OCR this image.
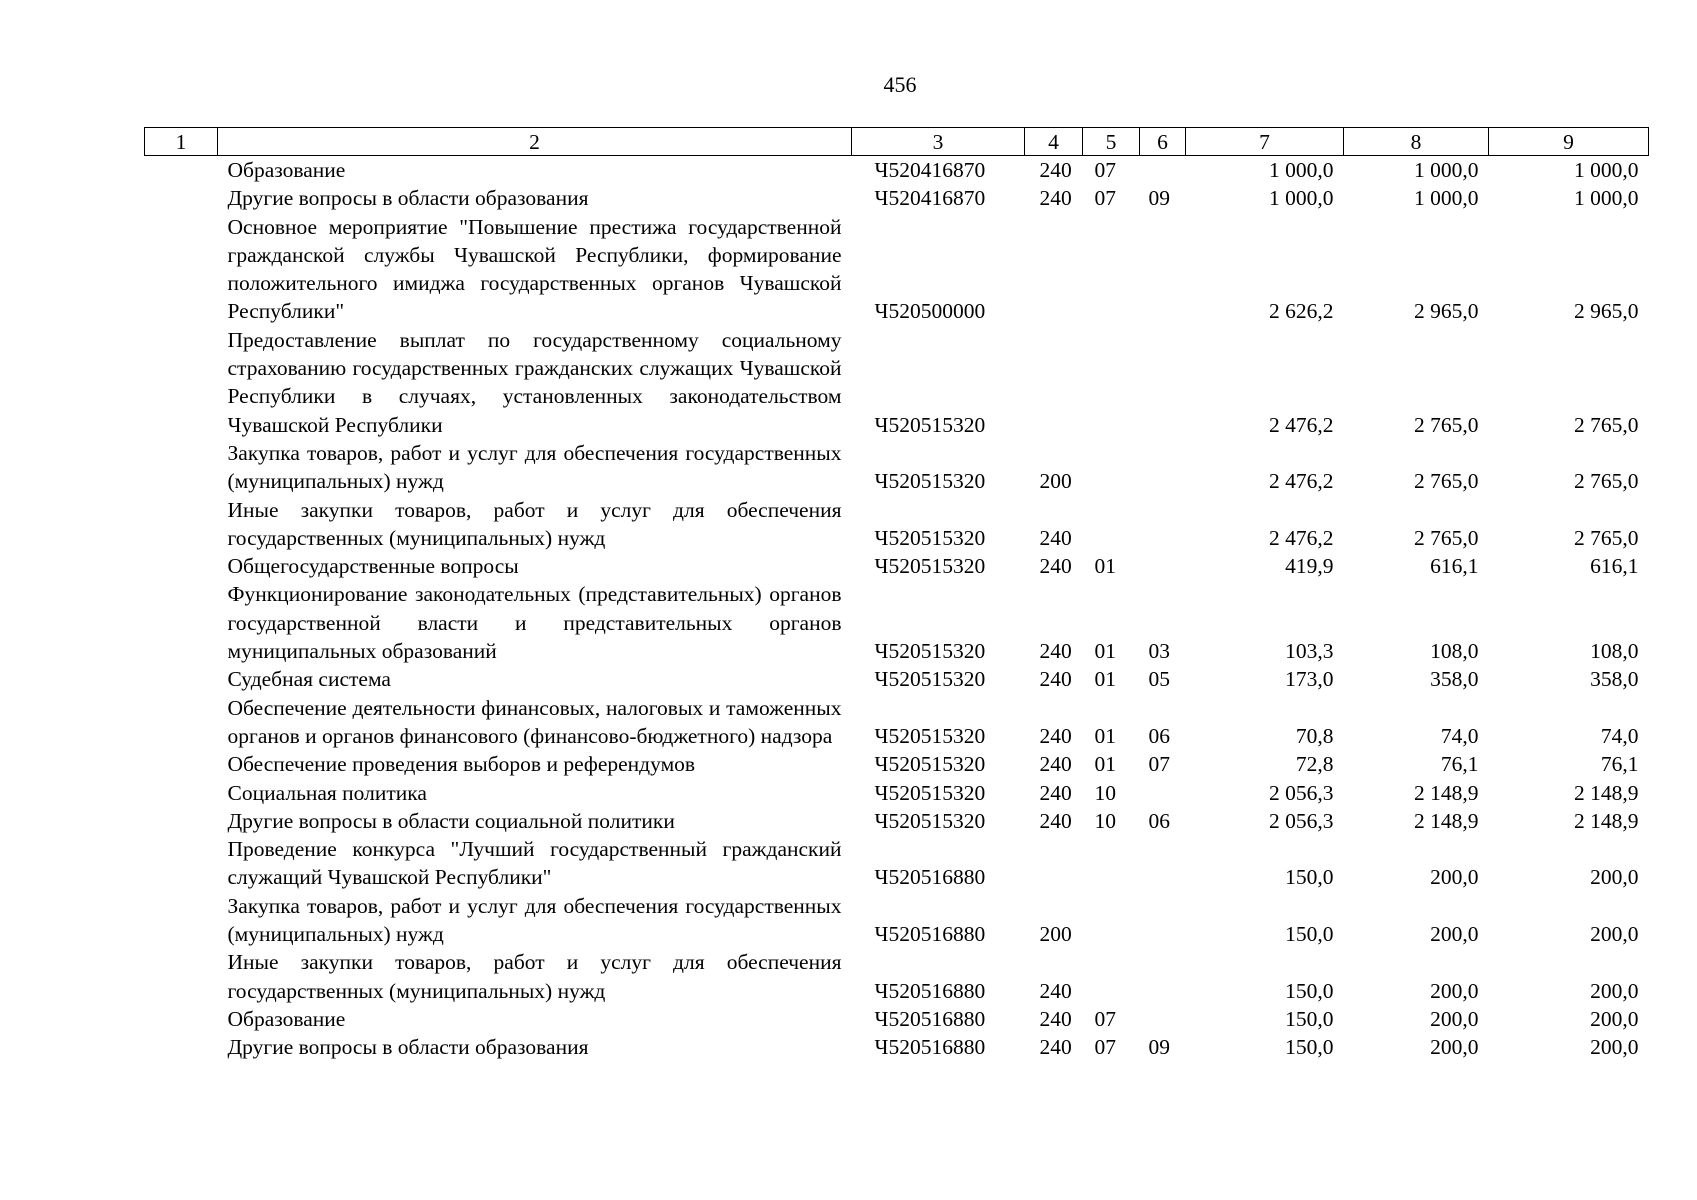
456
1	2	3	4	5	6	7	8	9
	Образование	Ч520416870	240	07		1 000,0	1 000,0	1 000,0
	Другие вопросы в области образования	Ч520416870	240	07	09	1 000,0	1 000,0	1 000,0
	Основное мероприятие "Повышение престижа государственной гражданской службы Чувашской Республики, формирование положительного имиджа государственных органов Чувашской Республики"	Ч520500000				2 626,2	2 965,0	2 965,0
	Предоставление выплат по государственному социальному страхованию государственных гражданских служащих Чувашской Республики в случаях, установленных законодательством Чувашской Республики	Ч520515320				2 476,2	2 765,0	2 765,0
	Закупка товаров, работ и услуг для обеспечения государственных (муниципальных) нужд	Ч520515320	200			2 476,2	2 765,0	2 765,0
	Иные закупки товаров, работ и услуг для обеспечения государственных (муниципальных) нужд	Ч520515320	240			2 476,2	2 765,0	2 765,0
	Общегосударственные вопросы	Ч520515320	240	01		419,9	616,1	616,1
	Функционирование законодательных (представительных) органов государственной власти и представительных органов муниципальных образований	Ч520515320	240	01	03	103,3	108,0	108,0
	Судебная система	Ч520515320	240	01	05	173,0	358,0	358,0
	Обеспечение деятельности финансовых, налоговых и таможенных органов и органов финансового (финансово-бюджетного) надзора	Ч520515320	240	01	06	70,8	74,0	74,0
	Обеспечение проведения выборов и референдумов	Ч520515320	240	01	07	72,8	76,1	76,1
	Социальная политика	Ч520515320	240	10		2 056,3	2 148,9	2 148,9
	Другие вопросы в области социальной политики	Ч520515320	240	10	06	2 056,3	2 148,9	2 148,9
	Проведение конкурса "Лучший государственный гражданский служащий Чувашской Республики"	Ч520516880				150,0	200,0	200,0
	Закупка товаров, работ и услуг для обеспечения государственных (муниципальных) нужд	Ч520516880	200			150,0	200,0	200,0
	Иные закупки товаров, работ и услуг для обеспечения государственных (муниципальных) нужд	Ч520516880	240			150,0	200,0	200,0
	Образование	Ч520516880	240	07		150,0	200,0	200,0
	Другие вопросы в области образования	Ч520516880	240	07	09	150,0	200,0	200,0
